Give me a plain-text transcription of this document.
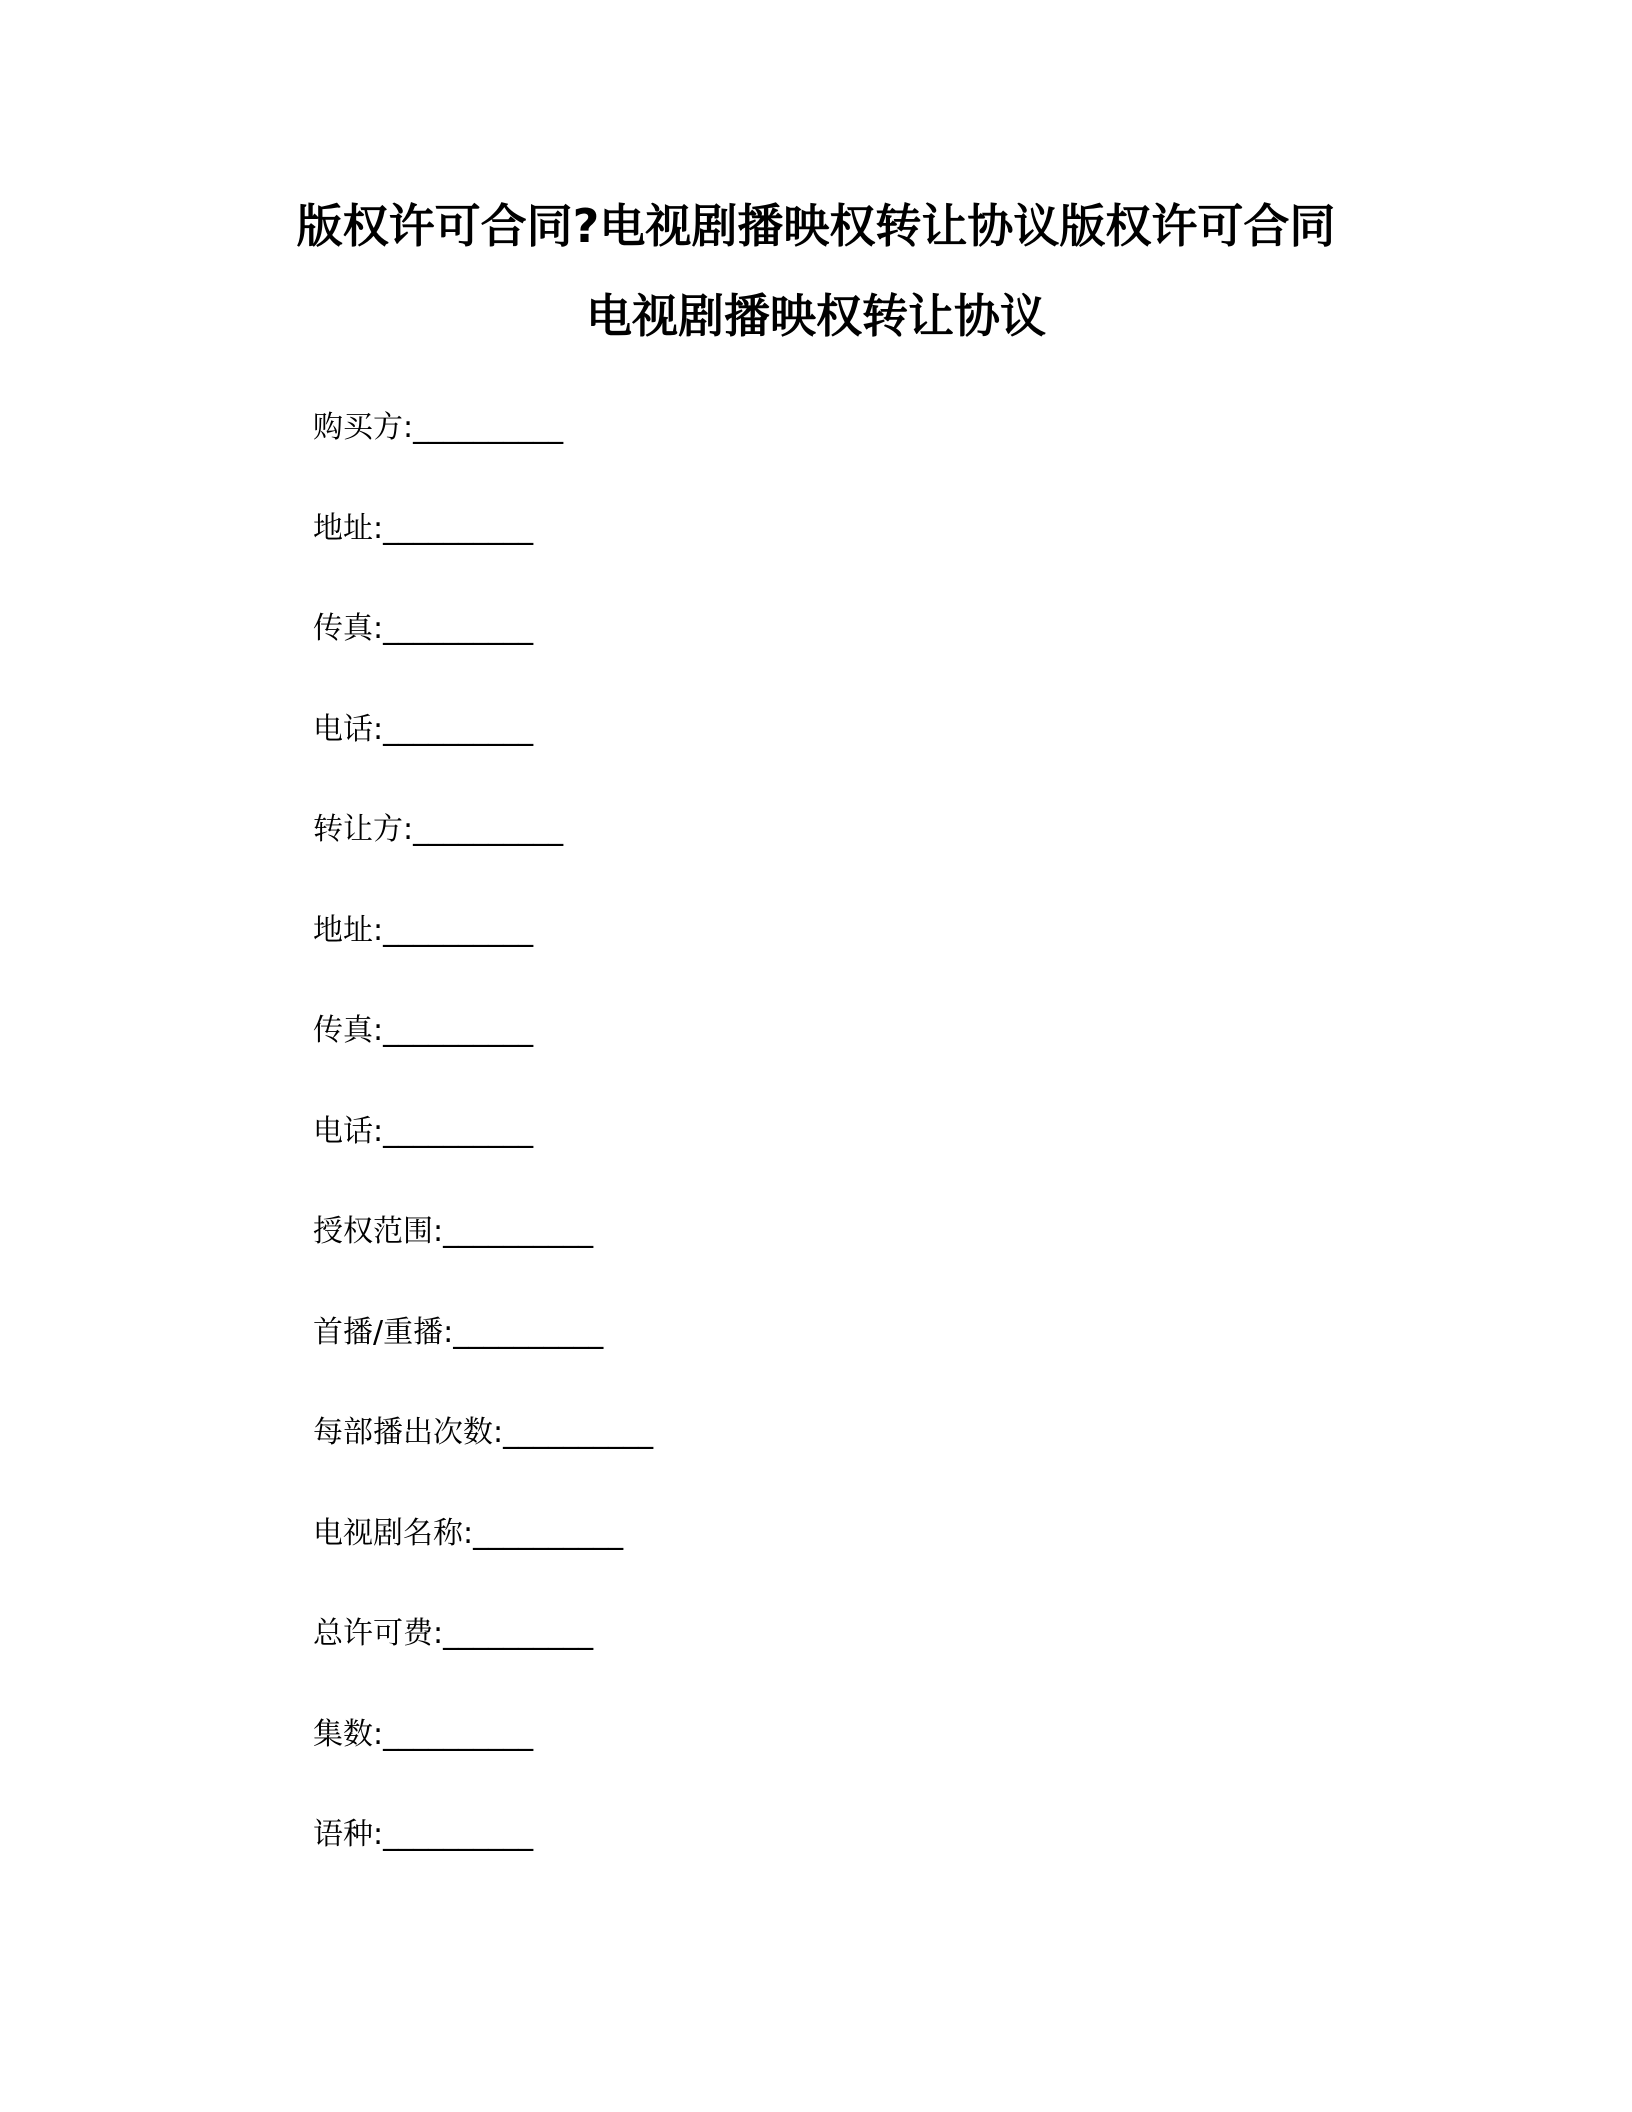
版权许可合同?电视剧播映权转让协议版权许可合同
电视剧播映权转让协议
购买方:__________
地址:__________
传真:__________
电话:__________
转让方:__________
地址:__________
传真:__________
电话:__________
授权范围:__________
首播/重播:__________
每部播出次数:__________
电视剧名称:__________
总许可费:__________
集数:__________
语种:__________
